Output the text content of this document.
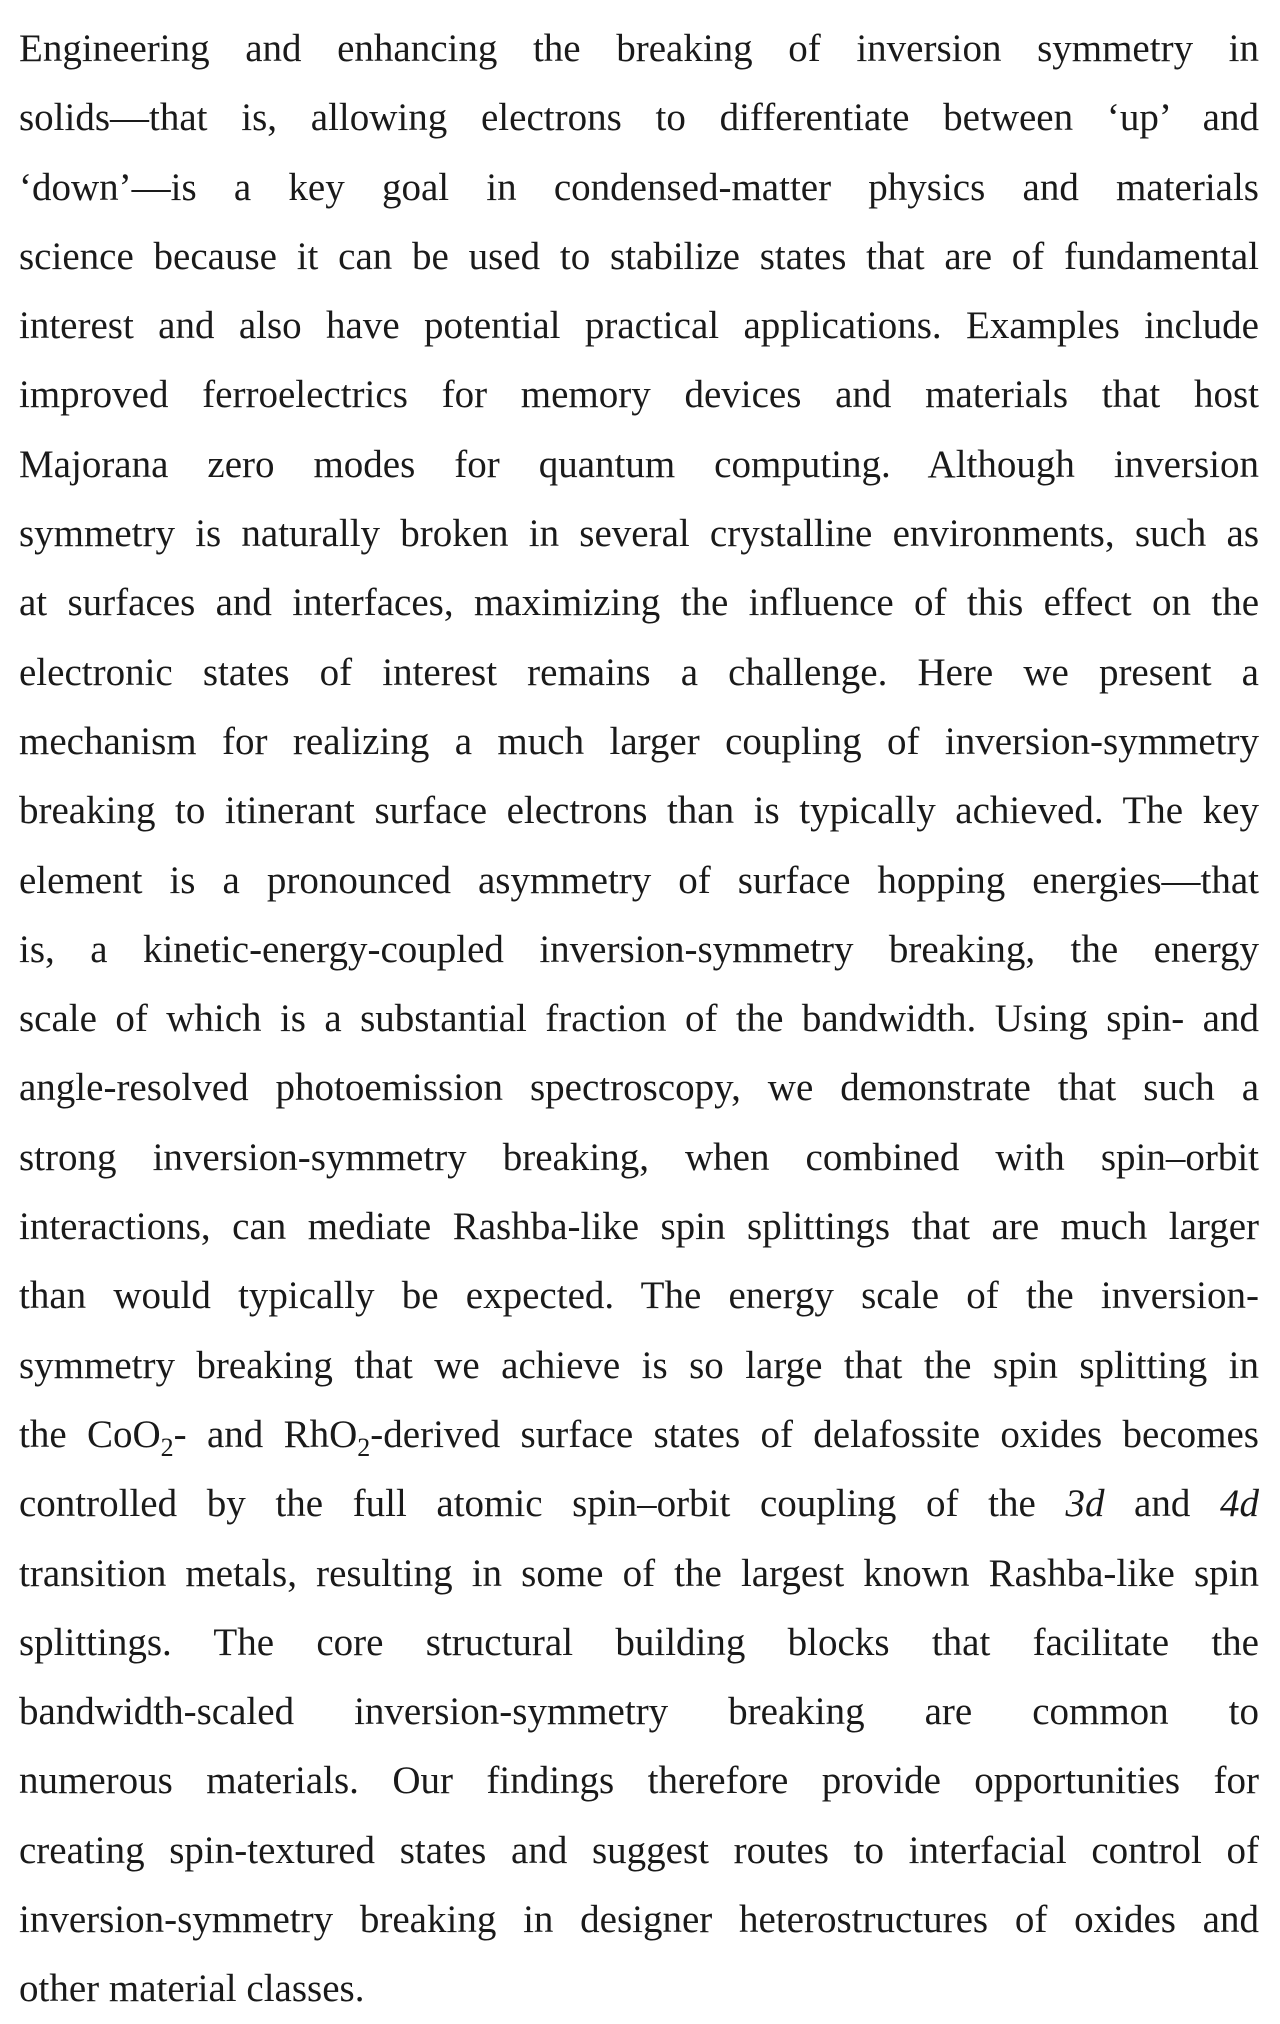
Engineering and enhancing the breaking of inversion symmetry in
solids—that is, allowing electrons to differentiate between ‘up’ and
‘down’—is a key goal in condensed-matter physics and materials
science because it can be used to stabilize states that are of fundamental
interest and also have potential practical applications. Examples include
improved ferroelectrics for memory devices and materials that host
Majorana zero modes for quantum computing. Although inversion
symmetry is naturally broken in several crystalline environments, such as
at surfaces and interfaces, maximizing the influence of this effect on the
electronic states of interest remains a challenge. Here we present a
mechanism for realizing a much larger coupling of inversion-symmetry
breaking to itinerant surface electrons than is typically achieved. The key
element is a pronounced asymmetry of surface hopping energies—that
is, a kinetic-energy-coupled inversion-symmetry breaking, the energy
scale of which is a substantial fraction of the bandwidth. Using spin- and
angle-resolved photoemission spectroscopy, we demonstrate that such a
strong inversion-symmetry breaking, when combined with spin–orbit
interactions, can mediate Rashba-like spin splittings that are much larger
than would typically be expected. The energy scale of the inversion-
symmetry breaking that we achieve is so large that the spin splitting in
the CoO$_2$- and RhO$_2$-derived surface states of delafossite oxides becomes
controlled by the full atomic spin–orbit coupling of the 3d and 4d
transition metals, resulting in some of the largest known Rashba-like spin
splittings. The core structural building blocks that facilitate the
bandwidth-scaled inversion-symmetry breaking are common to
numerous materials. Our findings therefore provide opportunities for
creating spin-textured states and suggest routes to interfacial control of
inversion-symmetry breaking in designer heterostructures of oxides and
other material classes.
